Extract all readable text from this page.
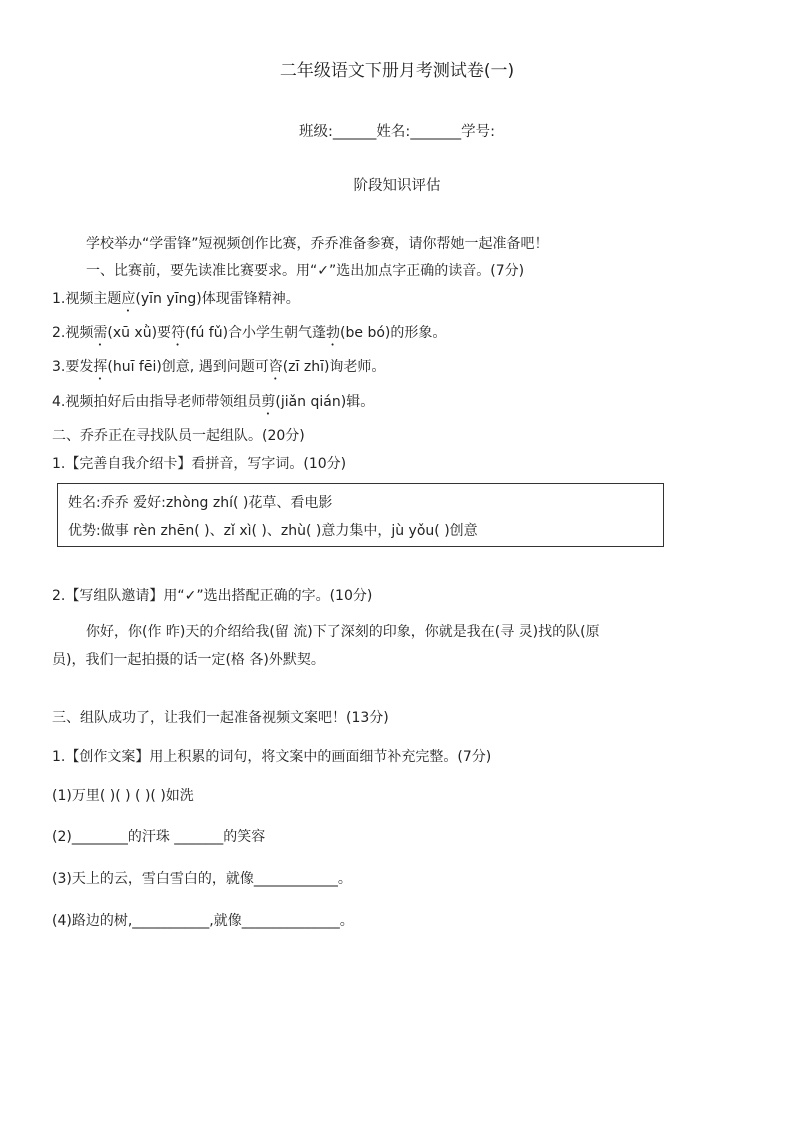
二年级语文下册月考测试卷(一)
班级:______姓名:_______学号:
阶段知识评估
学校举办“学雷锋”短视频创作比赛，乔乔准备参赛，请你帮她一起准备吧！
一、比赛前，要先读准比赛要求。用“✓”选出加点字正确的读音。(7分)
1.视频主题应(yīn yīng)体现雷锋精神。
2.视频需(xū xǜ)要符(fú fǔ)合小学生朝气蓬勃(be bó)的形象。
3.要发挥(huī fēi)创意, 遇到问题可咨(zī zhī)询老师。
4.视频拍好后由指导老师带领组员剪(jiǎn qián)辑。
二、乔乔正在寻找队员一起组队。(20分)
1.【完善自我介绍卡】看拼音，写字词。(10分)
姓名:乔乔 爱好:zhòng zhí( )花草、看电影
优势:做事 rèn zhēn( )、zǐ xì( )、zhù( )意力集中，jù yǒu( )创意
2.【写组队邀请】用“✓”选出搭配正确的字。(10分)
你好，你(作 昨)天的介绍给我(留 流)下了深刻的印象，你就是我在(寻 灵)找的队(原
员)，我们一起拍摄的话一定(格 各)外默契。
三、组队成功了，让我们一起准备视频文案吧！(13分)
1.【创作文案】用上积累的词句，将文案中的画面细节补充完整。(7分)
(1)万里( )( ) ( )( )如洗
(2)________的汗珠 _______的笑容
(3)天上的云，雪白雪白的，就像____________。
(4)路边的树,___________,就像______________。
